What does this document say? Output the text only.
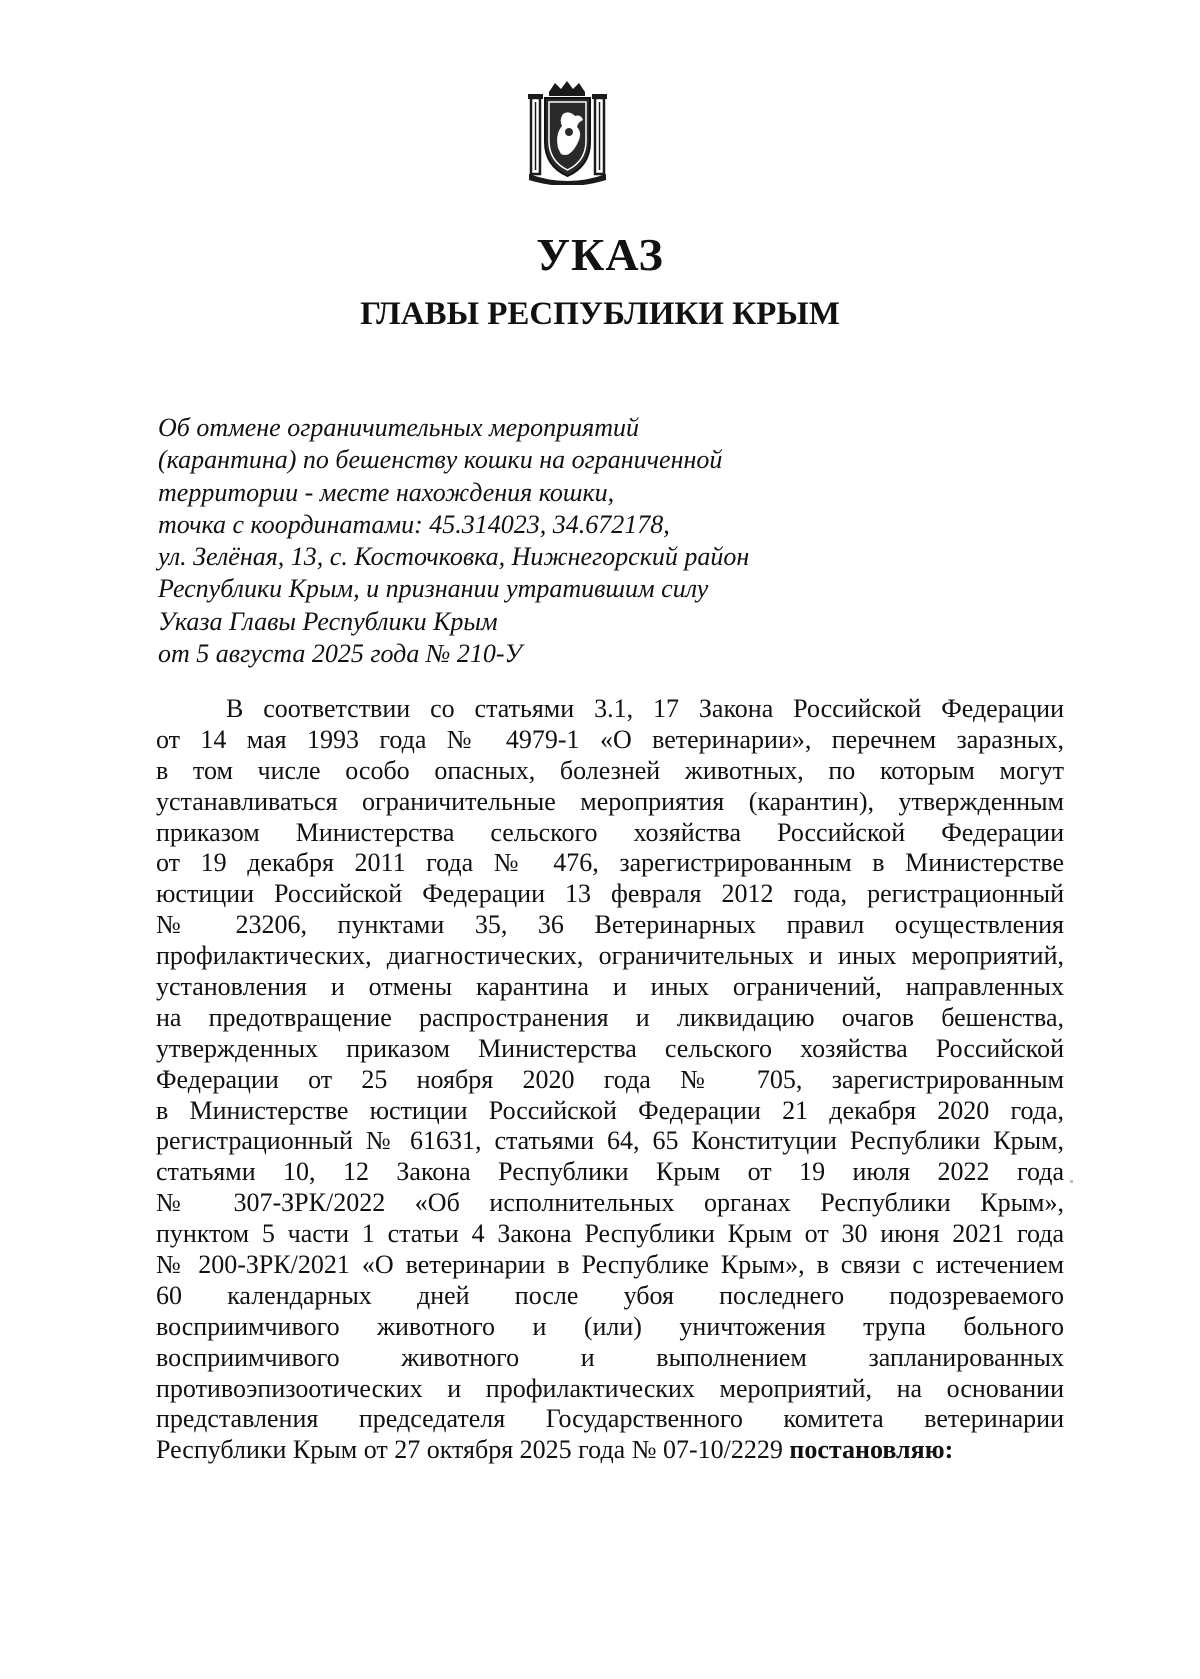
УКАЗ
ГЛАВЫ РЕСПУБЛИКИ КРЫМ
Об отмене ограничительных мероприятий
(карантина) по бешенству кошки на ограниченной
территории - месте нахождения кошки,
точка с координатами: 45.314023, 34.672178,
ул. Зелёная, 13, с. Косточковка, Нижнегорский район
Республики Крым, и признании утратившим силу
Указа Главы Республики Крым
от 5 августа 2025 года № 210-У
В соответствии со статьями 3.1, 17 Закона Российской Федерации
от 14 мая 1993 года № 4979-1 «О ветеринарии», перечнем заразных,
в том числе особо опасных, болезней животных, по которым могут
устанавливаться ограничительные мероприятия (карантин), утвержденным
приказом Министерства сельского хозяйства Российской Федерации
от 19 декабря 2011 года № 476, зарегистрированным в Министерстве
юстиции Российской Федерации 13 февраля 2012 года, регистрационный
№ 23206, пунктами 35, 36 Ветеринарных правил осуществления
профилактических, диагностических, ограничительных и иных мероприятий,
установления и отмены карантина и иных ограничений, направленных
на предотвращение распространения и ликвидацию очагов бешенства,
утвержденных приказом Министерства сельского хозяйства Российской
Федерации от 25 ноября 2020 года № 705, зарегистрированным
в Министерстве юстиции Российской Федерации 21 декабря 2020 года,
регистрационный № 61631, статьями 64, 65 Конституции Республики Крым,
статьями 10, 12 Закона Республики Крым от 19 июля 2022 года
№ 307-ЗРК/2022 «Об исполнительных органах Республики Крым»,
пунктом 5 части 1 статьи 4 Закона Республики Крым от 30 июня 2021 года
№ 200-ЗРК/2021 «О ветеринарии в Республике Крым», в связи с истечением
60 календарных дней после убоя последнего подозреваемого
восприимчивого животного и (или) уничтожения трупа больного
восприимчивого животного и выполнением запланированных
противоэпизоотических и профилактических мероприятий, на основании
представления председателя Государственного комитета ветеринарии
Республики Крым от 27 октября 2025 года № 07-10/2229 постановляю:
